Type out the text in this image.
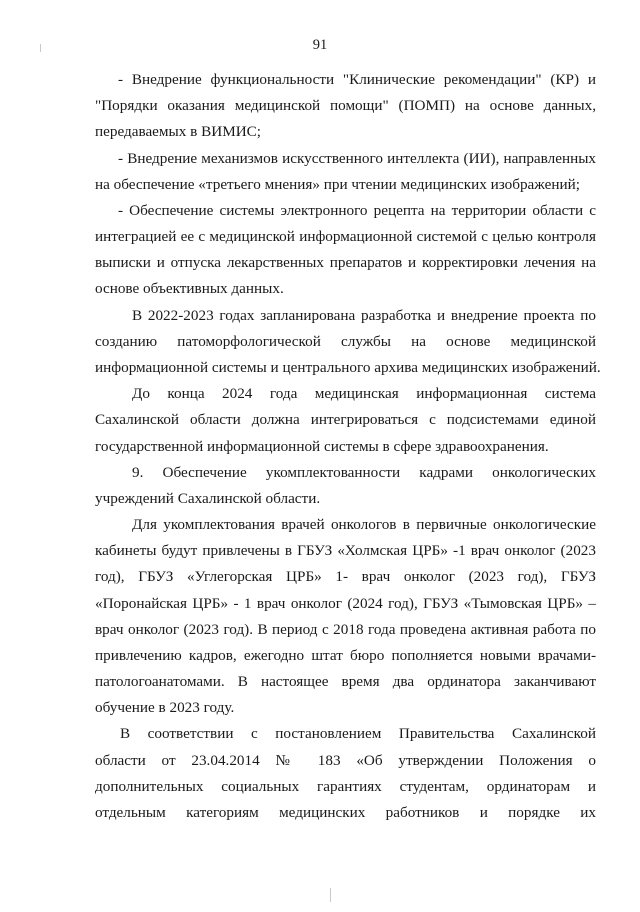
91
- Внедрение функциональности "Клинические рекомендации" (КР) и
"Порядки оказания медицинской помощи" (ПОМП) на основе данных,
передаваемых в ВИМИС;
- Внедрение механизмов искусственного интеллекта (ИИ), направленных
на обеспечение «третьего мнения» при чтении медицинских изображений;
- Обеспечение системы электронного рецепта на территории области с
интеграцией ее с медицинской информационной системой с целью контроля
выписки и отпуска лекарственных препаратов и корректировки лечения на
основе объективных данных.
В 2022-2023 годах запланирована разработка и внедрение проекта по
созданию патоморфологической службы на основе медицинской
информационной системы и центрального архива медицинских изображений.
До конца 2024 года медицинская информационная система
Сахалинской области должна интегрироваться с подсистемами единой
государственной информационной системы в сфере здравоохранения.
9. Обеспечение укомплектованности кадрами онкологических
учреждений Сахалинской области.
Для укомплектования врачей онкологов в первичные онкологические
кабинеты будут привлечены в ГБУЗ «Холмская ЦРБ» -1 врач онколог (2023
год), ГБУЗ «Углегорская ЦРБ» 1- врач онколог (2023 год), ГБУЗ
«Поронайская ЦРБ» - 1 врач онколог (2024 год), ГБУЗ «Тымовская ЦРБ» –
врач онколог (2023 год). В период с 2018 года проведена активная работа по
привлечению кадров, ежегодно штат бюро пополняется новыми врачами-
патологоанатомами. В настоящее время два ординатора заканчивают
обучение в 2023 году.
В соответствии с постановлением Правительства Сахалинской
области от 23.04.2014 № 183 «Об утверждении Положения о
дополнительных социальных гарантиях студентам, ординаторам и
отдельным категориям медицинских работников и порядке их
